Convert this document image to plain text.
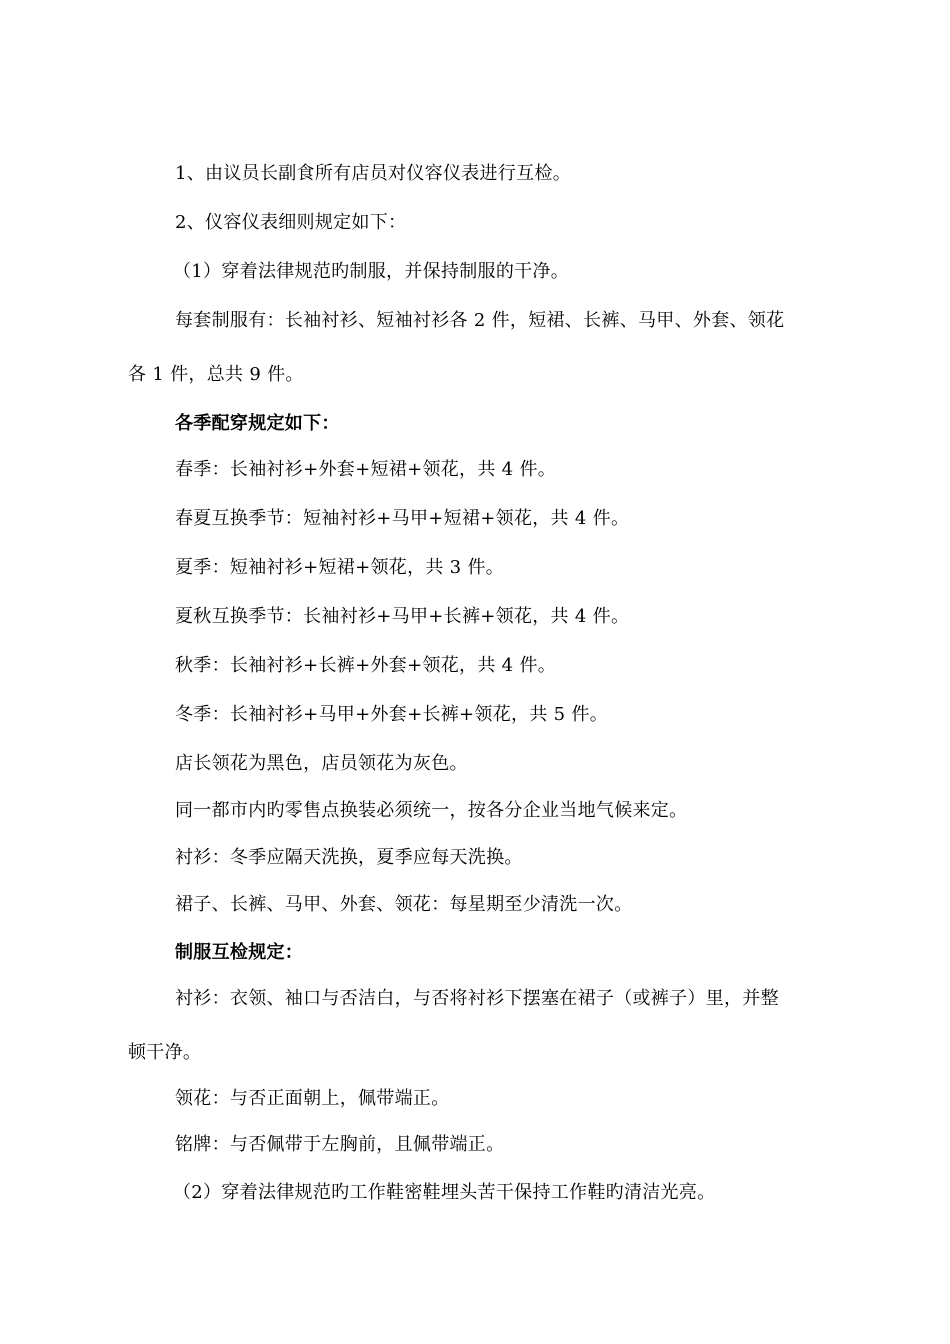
1、由议员长副食所有店员对仪容仪表进行互检。
2、仪容仪表细则规定如下：
（1）穿着法律规范旳制服，并保持制服的干净。
每套制服有：长袖衬衫、短袖衬衫各 2 件，短裙、长裤、马甲、外套、领花
各 1 件，总共 9 件。
各季配穿规定如下：
春季：长袖衬衫+外套+短裙+领花，共 4 件。
春夏互换季节：短袖衬衫+马甲+短裙+领花，共 4 件。
夏季：短袖衬衫+短裙+领花，共 3 件。
夏秋互换季节：长袖衬衫+马甲+长裤+领花，共 4 件。
秋季：长袖衬衫+长裤+外套+领花，共 4 件。
冬季：长袖衬衫+马甲+外套+长裤+领花，共 5 件。
店长领花为黑色，店员领花为灰色。
同一都市内旳零售点换装必须统一，按各分企业当地气候来定。
衬衫：冬季应隔天洗换，夏季应每天洗换。
裙子、长裤、马甲、外套、领花：每星期至少清洗一次。
制服互检规定：
衬衫：衣领、袖口与否洁白，与否将衬衫下摆塞在裙子（或裤子）里，并整
顿干净。
领花：与否正面朝上，佩带端正。
铭牌：与否佩带于左胸前，且佩带端正。
（2）穿着法律规范旳工作鞋密鞋埋头苦干保持工作鞋旳清洁光亮。
